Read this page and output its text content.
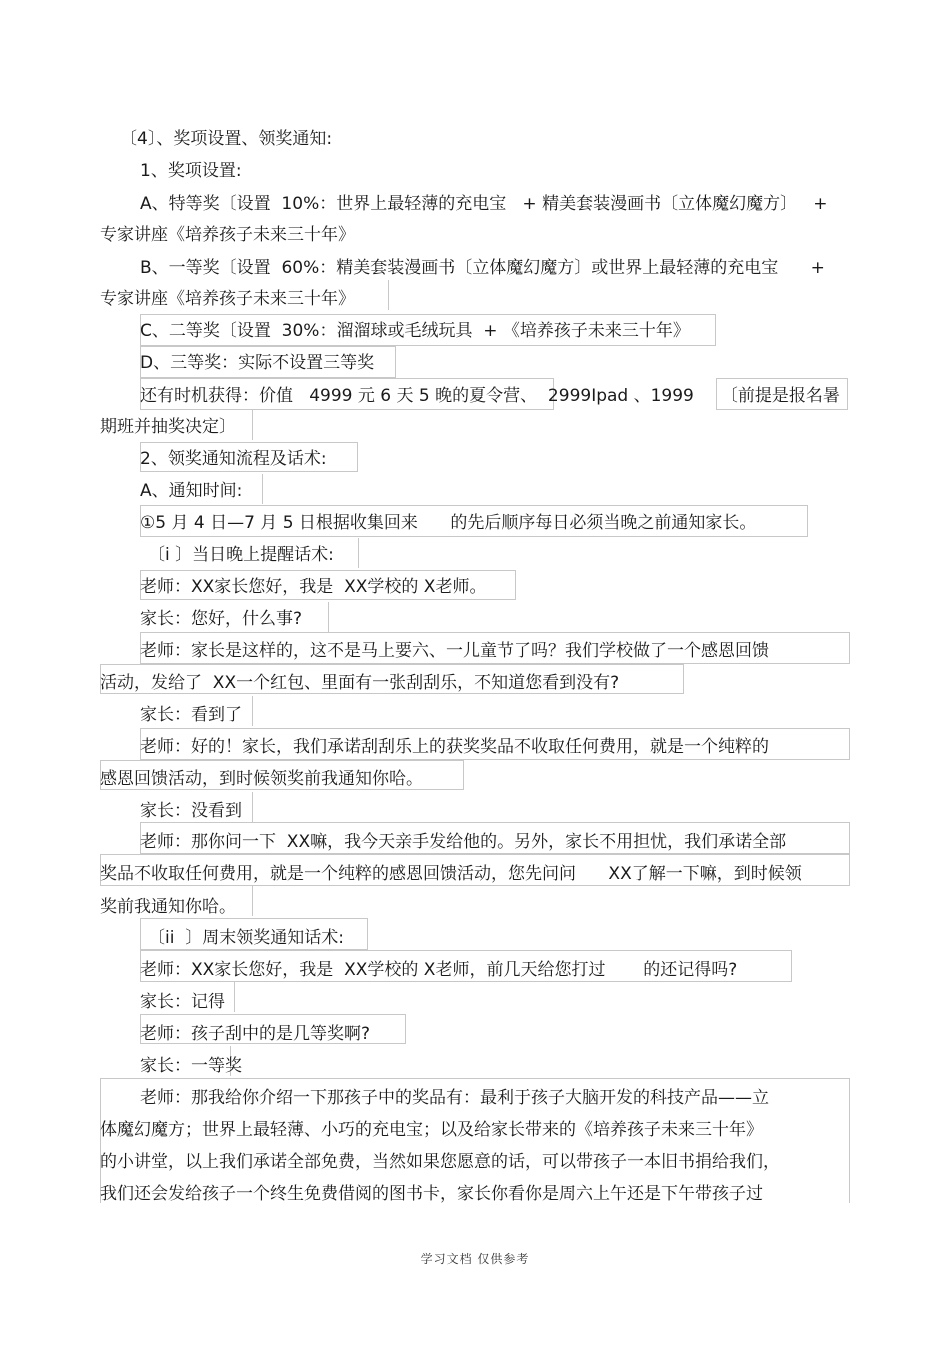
〔4〕、奖项设置、领奖通知:
1、奖项设置:
A、特等奖〔设置  10%：世界上最轻薄的充电宝   + 精美套装漫画书〔立体魔幻魔方〕   +
专家讲座《培养孩子未来三十年》
B、一等奖〔设置  60%：精美套装漫画书〔立体魔幻魔方〕或世界上最轻薄的充电宝      +
专家讲座《培养孩子未来三十年》
C、二等奖〔设置  30%：溜溜球或毛绒玩具  + 《培养孩子未来三十年》
D、三等奖：实际不设置三等奖
还有时机获得：价值   4999 元 6 天 5 晚的夏令营、  2999Ipad 、1999     〔前提是报名暑
期班并抽奖决定〕
2、领奖通知流程及话术:
A、通知时间:
①5 月 4 日—7 月 5 日根据收集回来      的先后顺序每日必须当晚之前通知家长。
〔i 〕当日晚上提醒话术:
老师：XX家长您好，我是  XX学校的 X老师。
家长：您好，什么事?
老师：家长是这样的，这不是马上要六、一儿童节了吗？我们学校做了一个感恩回馈
活动，发给了  XX一个红包、里面有一张刮刮乐，不知道您看到没有?
家长：看到了
老师：好的！家长，我们承诺刮刮乐上的获奖奖品不收取任何费用，就是一个纯粹的
感恩回馈活动，到时候领奖前我通知你哈。
家长：没看到
老师：那你问一下  XX嘛，我今天亲手发给他的。另外，家长不用担忧，我们承诺全部
奖品不收取任何费用，就是一个纯粹的感恩回馈活动，您先问问      XX了解一下嘛，到时候领
奖前我通知你哈。
〔ii  〕周末领奖通知话术:
老师：XX家长您好，我是  XX学校的 X老师，前几天给您打过       的还记得吗?
家长：记得
老师：孩子刮中的是几等奖啊?
家长：一等奖
老师：那我给你介绍一下那孩子中的奖品有：最利于孩子大脑开发的科技产品——立
体魔幻魔方；世界上最轻薄、小巧的充电宝；以及给家长带来的《培养孩子未来三十年》
的小讲堂，以上我们承诺全部免费，当然如果您愿意的话，可以带孩子一本旧书捐给我们，
我们还会发给孩子一个终生免费借阅的图书卡，家长你看你是周六上午还是下午带孩子过
学习文档 仅供参考
